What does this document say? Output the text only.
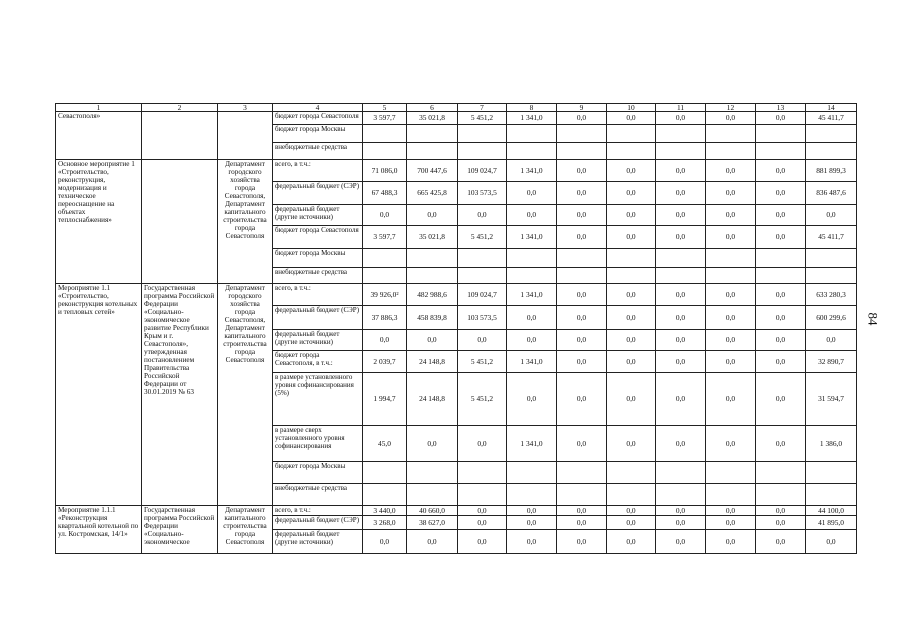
1	2	3	4	5	6	7	8	9	10	11	12	13	14
Севастополя»			бюджет города Севастополя	3 597,7	35 021,8	5 451,2	1 341,0	0,0	0,0	0,0	0,0	0,0	45 411,7
			бюджет города Москвы										
			внебюджетные средства										
Основное мероприятие 1 «Строительство, реконструкция, модернизация и техническое переоснащение на объектах теплоснабжения»		Департамент городского хозяйства города Севастополя, Департамент капитального строительства города Севастополя	всего, в т.ч.:	71 086,0	700 447,6	109 024,7	1 341,0	0,0	0,0	0,0	0,0	0,0	881 899,3
			федеральный бюджет (СЭР)	67 488,3	665 425,8	103 573,5	0,0	0,0	0,0	0,0	0,0	0,0	836 487,6
			федеральный бюджет (другие источники)	0,0	0,0	0,0	0,0	0,0	0,0	0,0	0,0	0,0	0,0
			бюджет города Севастополя	3 597,7	35 021,8	5 451,2	1 341,0	0,0	0,0	0,0	0,0	0,0	45 411,7
			бюджет города Москвы										
			внебюджетные средства										
Мероприятие 1.1 «Строительство, реконструкция котельных и тепловых сетей»	Государственная программа Российской Федерации «Социально-экономическое развитие Республики Крым и г. Севастополя», утвержденная постановлением Правительства Российской Федерации от 30.01.2019 № 63	Департамент городского хозяйства города Севастополя, Департамент капитального строительства города Севастополя	всего, в т.ч.:	39 926,0²	482 988,6	109 024,7	1 341,0	0,0	0,0	0,0	0,0	0,0	633 280,3
			федеральный бюджет (СЭР)	37 886,3	458 839,8	103 573,5	0,0	0,0	0,0	0,0	0,0	0,0	600 299,6
			федеральный бюджет (другие источники)	0,0	0,0	0,0	0,0	0,0	0,0	0,0	0,0	0,0	0,0
			бюджет города Севастополя, в т.ч.:	2 039,7	24 148,8	5 451,2	1 341,0	0,0	0,0	0,0	0,0	0,0	32 890,7
			в размере установленного уровня софинансирования (5%)	1 994,7	24 148,8	5 451,2	0,0	0,0	0,0	0,0	0,0	0,0	31 594,7
			в размере сверх установленного уровня софинансирования	45,0	0,0	0,0	1 341,0	0,0	0,0	0,0	0,0	0,0	1 386,0
			бюджет города Москвы										
			внебюджетные средства										
Мероприятие 1.1.1 «Реконструкция квартальной котельной по ул. Костромская, 14/1»	Государственная программа Российской Федерации «Социально-экономическое	Департамент капитального строительства города Севастополя	всего, в т.ч.:	3 440,0	40 660,0	0,0	0,0	0,0	0,0	0,0	0,0	0,0	44 100,0
			федеральный бюджет (СЭР)	3 268,0	38 627,0	0,0	0,0	0,0	0,0	0,0	0,0	0,0	41 895,0
			федеральный бюджет (другие источники)	0,0	0,0	0,0	0,0	0,0	0,0	0,0	0,0	0,0	0,0
84
